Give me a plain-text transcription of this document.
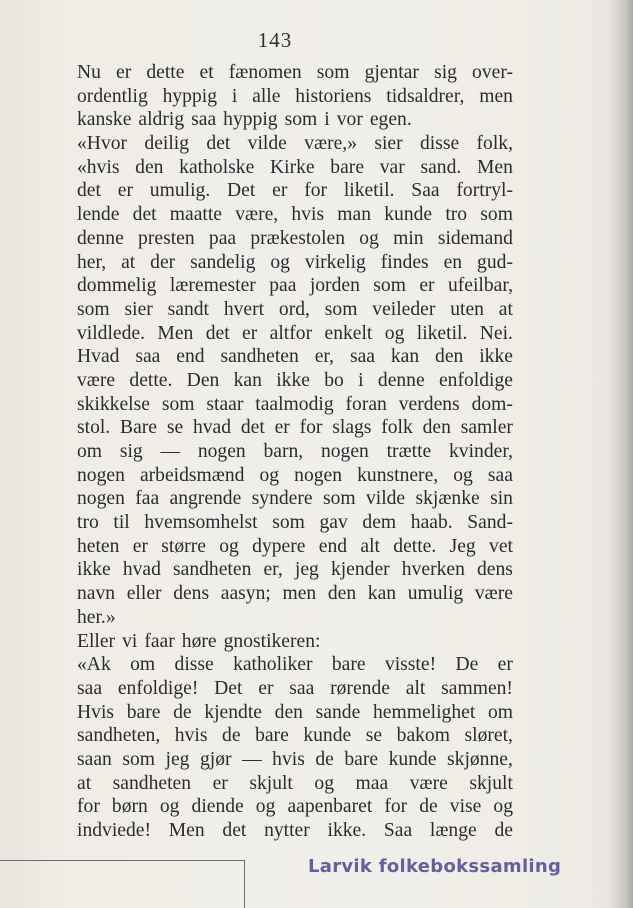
143
Nu er dette et fænomen som gjentar sig over-
ordentlig hyppig i alle historiens tidsaldrer, men
kanske aldrig saa hyppig som i vor egen.
«Hvor deilig det vilde være,» sier disse folk,
«hvis den katholske Kirke bare var sand. Men
det er umulig. Det er for liketil. Saa fortryl-
lende det maatte være, hvis man kunde tro som
denne presten paa prækestolen og min sidemand
her, at der sandelig og virkelig findes en gud-
dommelig læremester paa jorden som er ufeilbar,
som sier sandt hvert ord, som veileder uten at
vildlede. Men det er altfor enkelt og liketil. Nei.
Hvad saa end sandheten er, saa kan den ikke
være dette. Den kan ikke bo i denne enfoldige
skikkelse som staar taalmodig foran verdens dom-
stol. Bare se hvad det er for slags folk den samler
om sig — nogen barn, nogen trætte kvinder,
nogen arbeidsmænd og nogen kunstnere, og saa
nogen faa angrende syndere som vilde skjænke sin
tro til hvemsomhelst som gav dem haab. Sand-
heten er større og dypere end alt dette. Jeg vet
ikke hvad sandheten er, jeg kjender hverken dens
navn eller dens aasyn; men den kan umulig være
her.»
Eller vi faar høre gnostikeren:
«Ak om disse katholiker bare visste! De er
saa enfoldige! Det er saa rørende alt sammen!
Hvis bare de kjendte den sande hemmelighet om
sandheten, hvis de bare kunde se bakom sløret,
saan som jeg gjør — hvis de bare kunde skjønne,
at sandheten er skjult og maa være skjult
for børn og diende og aapenbaret for de vise og
indviede! Men det nytter ikke. Saa længe de
Larvik folkebokssamling
